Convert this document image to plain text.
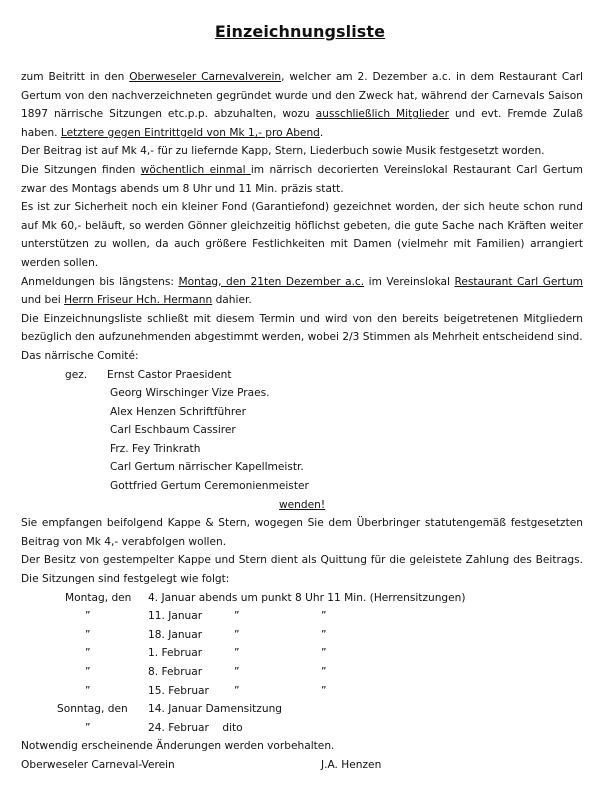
Einzeichnungsliste

zum Beitritt in den Oberweseler Carnevalverein, welcher am 2. Dezember a.c. in dem Restaurant Carl Gertum von den nachverzeichneten gegründet wurde und den Zweck hat, während der Carnevals Saison 1897 närrische Sitzungen etc.p.p. abzuhalten, wozu ausschließlich Mitglieder und evt. Fremde Zulaß haben. Letztere gegen Eintrittgeld von Mk 1,- pro Abend.

Der Beitrag ist auf Mk 4,- für zu liefernde Kapp, Stern, Liederbuch sowie Musik festgesetzt worden.

Die Sitzungen finden wöchentlich einmal im närrisch decorierten Vereinslokal Restaurant Carl Gertum zwar des Montags abends um 8 Uhr und 11 Min. präzis statt.

Es ist zur Sicherheit noch ein kleiner Fond (Garantiefond) gezeichnet worden, der sich heute schon rund auf Mk 60,- beläuft, so werden Gönner gleichzeitig höflichst gebeten, die gute Sache nach Kräften weiter unterstützen zu wollen, da auch größere Festlichkeiten mit Damen (vielmehr mit Familien) arrangiert werden sollen.

Anmeldungen bis längstens: Montag, den 21ten Dezember a.c. im Vereinslokal Restaurant Carl Gertum und bei Herrn Friseur Hch. Hermann dahier.

Die Einzeichnungsliste schließt mit diesem Termin und wird von den bereits beigetretenen Mitgliedern bezüglich den aufzunehmenden abgestimmt werden, wobei 2/3 Stimmen als Mehrheit entscheidend sind.

Das närrische Comité:

gez. Ernst Castor Praesident
Georg Wirschinger Vize Praes.
Alex Henzen Schriftführer
Carl Eschbaum Cassirer
Frz. Fey Trinkrath
Carl Gertum närrischer Kapellmeistr.
Gottfried Gertum Ceremonienmeister
wenden!

Sie empfangen beifolgend Kappe & Stern, wogegen Sie dem Überbringer statutengemäß festgesetzten Beitrag von Mk 4,- verabfolgen wollen.

Der Besitz von gestempelter Kappe und Stern dient als Quittung für die geleistete Zahlung des Beitrags. Die Sitzungen sind festgelegt wie folgt:

Montag, den 4. Januar abends um punkt 8 Uhr 11 Min. (Herrensitzungen)
”	11. Januar	”	”
”	18. Januar	”	”
”	1. Februar	”	”
”	8. Februar	”	”
”	15. Februar ”	”
Sonntag, den 14. Januar Damensitzung
”	24. Februar    dito

Notwendig erscheinende Änderungen werden vorbehalten.

Oberweseler Carneval-Verein	J.A. Henzen
